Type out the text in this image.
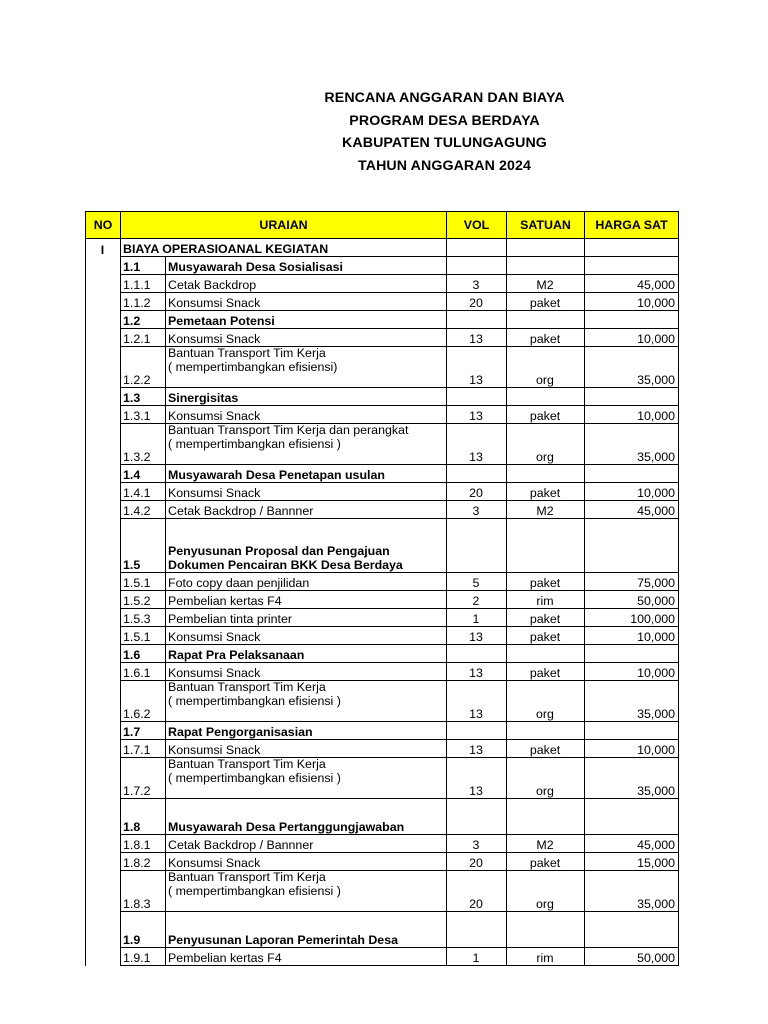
RENCANA ANGGARAN DAN BIAYA
PROGRAM DESA BERDAYA
KABUPATEN TULUNGAGUNG
TAHUN ANGGARAN 2024
NO	URAIAN		VOL	SATUAN	HARGA SAT
I	BIAYA OPERASIOANAL KEGIATAN				
	1.1	Musyawarah Desa Sosialisasi			
	1.1.1	Cetak Backdrop	3	M2	45,000
	1.1.2	Konsumsi Snack	20	paket	10,000
	1.2	Pemetaan Potensi			
	1.2.1	Konsumsi Snack	13	paket	10,000
	1.2.2	Bantuan Transport Tim Kerja
( mempertimbangkan efisiensi)	13	org	35,000
	1.3	Sinergisitas			
	1.3.1	Konsumsi Snack	13	paket	10,000
	1.3.2	Bantuan Transport Tim Kerja dan perangkat
( mempertimbangkan efisiensi )	13	org	35,000
	1.4	Musyawarah Desa Penetapan usulan			
	1.4.1	Konsumsi Snack	20	paket	10,000
	1.4.2	Cetak Backdrop / Bannner	3	M2	45,000
	1.5	Penyusunan Proposal dan Pengajuan
Dokumen Pencairan BKK Desa Berdaya			

	1.5.1	Foto copy daan penjilidan	5	paket	75,000
	1.5.2	Pembelian kertas F4	2	rim	50,000
	1.5.3	Pembelian tinta printer	1	paket	100,000
	1.5.1	Konsumsi Snack	13	paket	10,000
	1.6	Rapat Pra Pelaksanaan			
	1.6.1	Konsumsi Snack	13	paket	10,000
	1.6.2	Bantuan Transport Tim Kerja
( mempertimbangkan efisiensi )	13	org	35,000
	1.7	Rapat Pengorganisasian			
	1.7.1	Konsumsi Snack	13	paket	10,000
	1.7.2	Bantuan Transport Tim Kerja
( mempertimbangkan efisiensi )	13	org	35,000
	1.8	Musyawarah Desa Pertanggungjawaban			
	1.8.1	Cetak Backdrop / Bannner	3	M2	45,000
	1.8.2	Konsumsi Snack	20	paket	15,000
	1.8.3	Bantuan Transport Tim Kerja
( mempertimbangkan efisiensi )	20	org	35,000
	1.9	Penyusunan Laporan Pemerintah Desa			
	1.9.1	Pembelian kertas F4	1	rim	50,000
